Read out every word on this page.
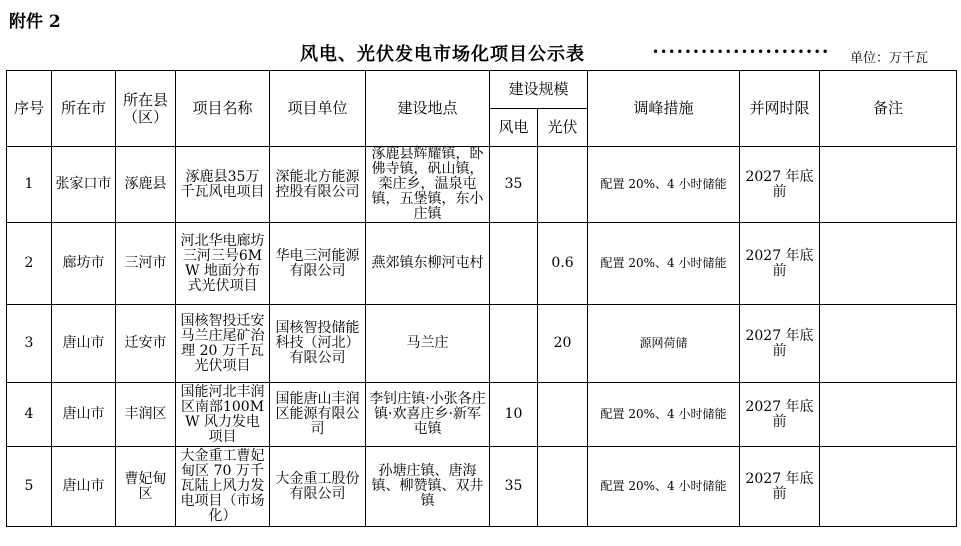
附件 2
风电、光伏发电市场化项目公示表	••••••••••••••••••••••	单位：万千瓦
序号	所在市	所在县（区）	项目名称	项目单位	建设地点	建设规模		调峰措施	并网时限	备注
						风电	光伏			
1	张家口市	涿鹿县	涿鹿县35万千瓦风电项目	深能北方能源控股有限公司	涿鹿县辉耀镇，卧佛寺镇，矾山镇，栾庄乡，温泉屯镇，五堡镇，东小庄镇	35		配置 20%、4 小时储能	2027 年底前	
2	廊坊市	三河市	河北华电廊坊三河三号6MW 地面分布式光伏项目	华电三河能源有限公司	燕郊镇东柳河屯村		0.6	配置 20%、4 小时储能	2027 年底前	
3	唐山市	迁安市	国核智投迁安马兰庄尾矿治理 20 万千瓦光伏项目	国核智投储能科技（河北）有限公司	马兰庄		20	源网荷储	2027 年底前	
4	唐山市	丰润区	国能河北丰润区南部100MW 风力发电项目	国能唐山丰润区能源有限公司	李钊庄镇·小张各庄镇·欢喜庄乡·新军屯镇	10		配置 20%、4 小时储能	2027 年底前	
5	唐山市	曹妃甸区	大金重工曹妃甸区 70 万千瓦陆上风力发电项目（市场化）	大金重工股份有限公司	孙塘庄镇、唐海镇、柳赞镇、双井镇	35		配置 20%、4 小时储能	2027 年底前	
